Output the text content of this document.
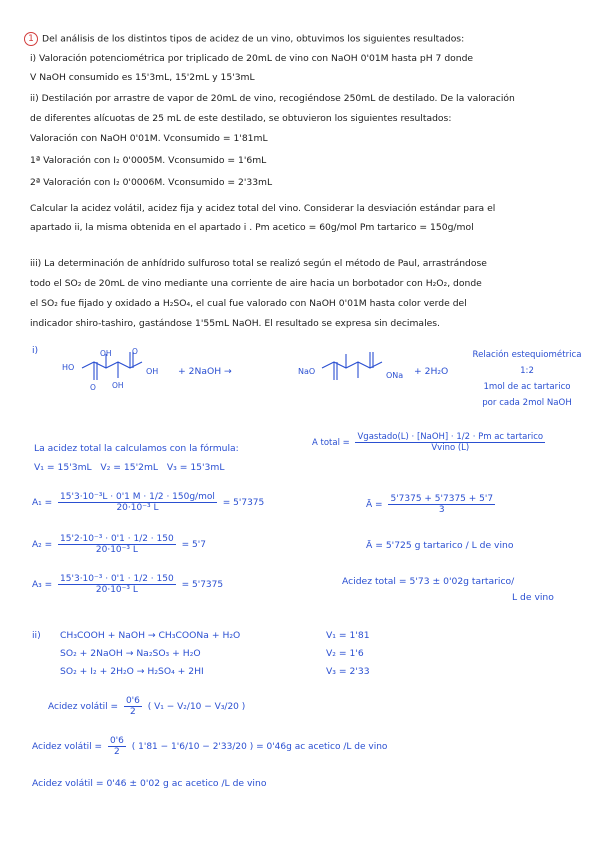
1 Del análisis de los distintos tipos de acidez de un vino, obtuvimos los siguientes resultados:
i) Valoración potenciométrica por triplicado de 20mL de vino con NaOH 0'01M hasta pH 7 donde
V NaOH consumido es 15'3mL, 15'2mL y 15'3mL
ii) Destilación por arrastre de vapor de 20mL de vino, recogiéndose 250mL de destilado. De la valoración
de diferentes alícuotas de 25 mL de este destilado, se obtuvieron los siguientes resultados:
Valoración con NaOH 0'01M. Vconsumido = 1'81mL
1ª Valoración con I₂ 0'0005M. Vconsumido = 1'6mL
2ª Valoración con I₂ 0'0006M. Vconsumido = 2'33mL
Calcular la acidez volátil, acidez fija y acidez total del vino. Considerar la desviación estándar para el
apartado ii, la misma obtenida en el apartado i . Pm acetico = 60g/mol Pm tartarico = 150g/mol
iii) La determinación de anhídrido sulfuroso total se realizó según el método de Paul, arrastrándose
todo el SO₂ de 20mL de vino mediante una corriente de aire hacia un borbotador con H₂O₂, donde
el SO₂ fue fijado y oxidado a H₂SO₄, el cual fue valorado con NaOH 0'01M hasta color verde del
indicador shiro-tashiro, gastándose 1'55mL NaOH. El resultado se expresa sin decimales.
i)
HO	OH
OH
OH
O
O
+ 2NaOH →	NaO	ONa + 2H₂O
Relación estequiométrica
1:2
1mol de ac tartarico
por cada 2mol NaOH
La acidez total la calculamos con la fórmula:	A total = $\frac{\text{Vgastado(L) · [NaOH] · 1/2 · Pm ac tartarico}}{\text{Vvino (L)}}$
V₁ = 15'3mL V₂ = 15'2mL V₃ = 15'3mL
$A_1 = \frac{\text{15'3·10⁻³L · 0'1 M · 1/2 · 150g/mol}}{\text{20·10⁻³ L}} = 5'7375$
$A_2 = \frac{\text{15'2·10⁻³ · 0'1 · 1/2 · 150}}{\text{20·10⁻³ L}} = 5'7$
$A_3 = \frac{\text{15'3·10⁻³ · 0'1 · 1/2 · 150}}{\text{20·10⁻³ L}} = 5'7375$
Ā = $\frac{5'7375 + 5'7375 + 5'7}{3}$
Ā = 5'725 g tartarico / L de vino
Acidez total = 5'73 ± 0'02g tartarico/
L de vino
ii) CH₃COOH + NaOH → CH₃COONa + H₂O
SO₂ + 2NaOH → Na₂SO₃ + H₂O
SO₂ + I₂ + 2H₂O → H₂SO₄ + 2HI
V₁ = 1'81
V₂ = 1'6
V₃ = 2'33
Acidez volátil = $\frac{0'6}{2}$ ( V₁ − V₂/10 − V₃/20 )
Acidez volátil = $\frac{0'6}{2}$ ( 1'81 − 1'6/10 − 2'33/20 ) = 0'46g ac acetico /L de vino
Acidez volátil = 0'46 ± 0'02 g ac acetico /L de vino
